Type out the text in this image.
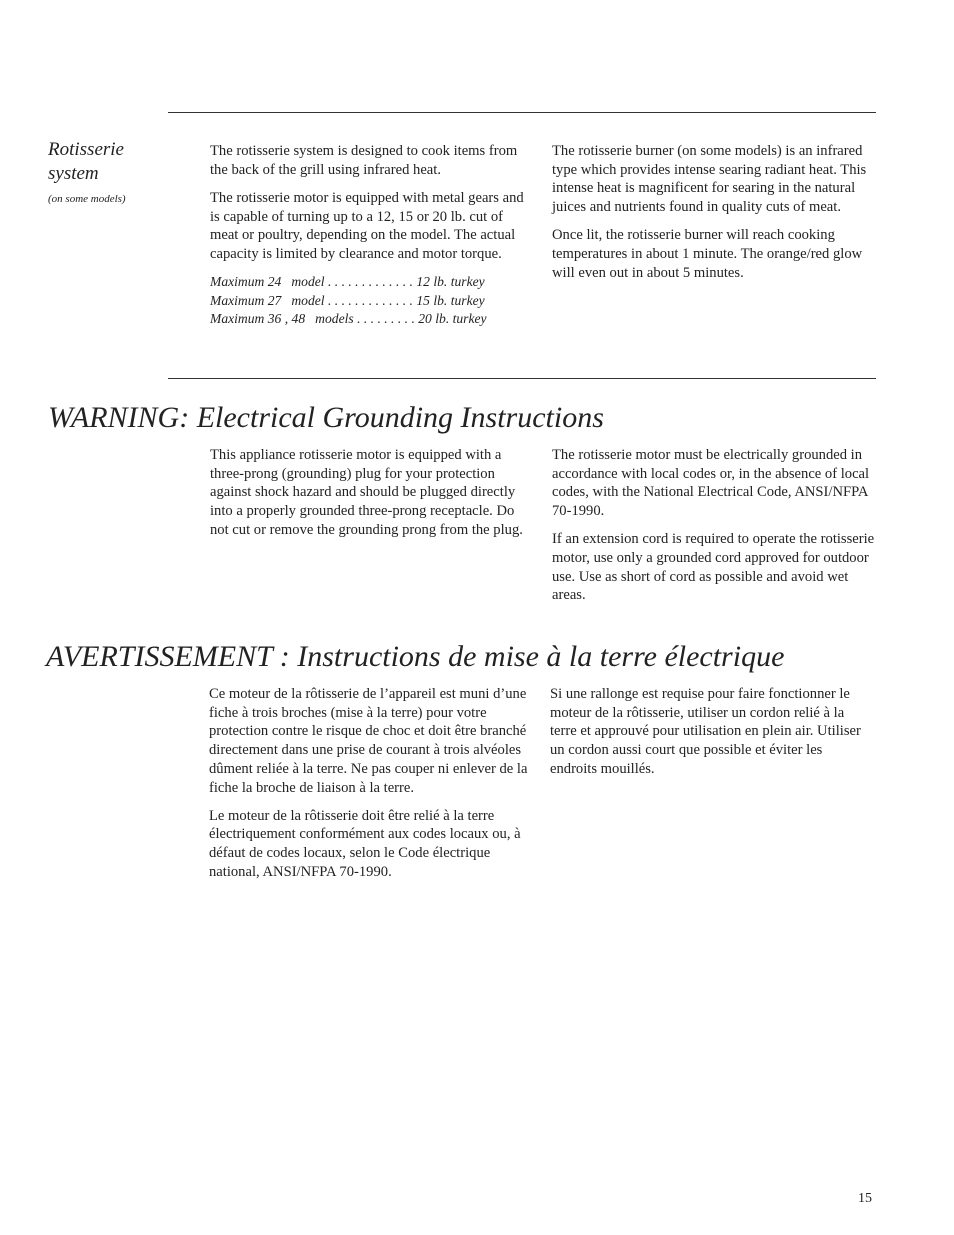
Rotisserie
system
(on some models)

The rotisserie system is designed to cook items from the back of the grill using infrared heat.

The rotisserie motor is equipped with metal gears and is capable of turning up to a 12, 15 or 20 lb. cut of meat or poultry, depending on the model. The actual capacity is limited by clearance and motor torque.

Maximum 24 model . . . . . . . . . . . . . 12 lb. turkey
Maximum 27 model . . . . . . . . . . . . . 15 lb. turkey
Maximum 36 , 48 models . . . . . . . . . 20 lb. turkey

The rotisserie burner (on some models) is an infrared type which provides intense searing radiant heat. This intense heat is magnificent for searing in the natural juices and nutrients found in quality cuts of meat.

Once lit, the rotisserie burner will reach cooking temperatures in about 1 minute. The orange/red glow will even out in about 5 minutes.

WARNING: Electrical Grounding Instructions

This appliance rotisserie motor is equipped with a three-prong (grounding) plug for your protection against shock hazard and should be plugged directly into a properly grounded three-prong receptacle. Do not cut or remove the grounding prong from the plug.

The rotisserie motor must be electrically grounded in accordance with local codes or, in the absence of local codes, with the National Electrical Code, ANSI/NFPA 70-1990.

If an extension cord is required to operate the rotisserie motor, use only a grounded cord approved for outdoor use. Use as short of cord as possible and avoid wet areas.

AVERTISSEMENT : Instructions de mise à la terre électrique

Ce moteur de la rôtisserie de l’appareil est muni d’une fiche à trois broches (mise à la terre) pour votre protection contre le risque de choc et doit être branché directement dans une prise de courant à trois alvéoles dûment reliée à la terre. Ne pas couper ni enlever de la fiche la broche de liaison à la terre.

Le moteur de la rôtisserie doit être relié à la terre électriquement conformément aux codes locaux ou, à défaut de codes locaux, selon le Code électrique national, ANSI/NFPA 70-1990.

Si une rallonge est requise pour faire fonctionner le moteur de la rôtisserie, utiliser un cordon relié à la terre et approuvé pour utilisation en plein air. Utiliser un cordon aussi court que possible et éviter les endroits mouillés.

15
